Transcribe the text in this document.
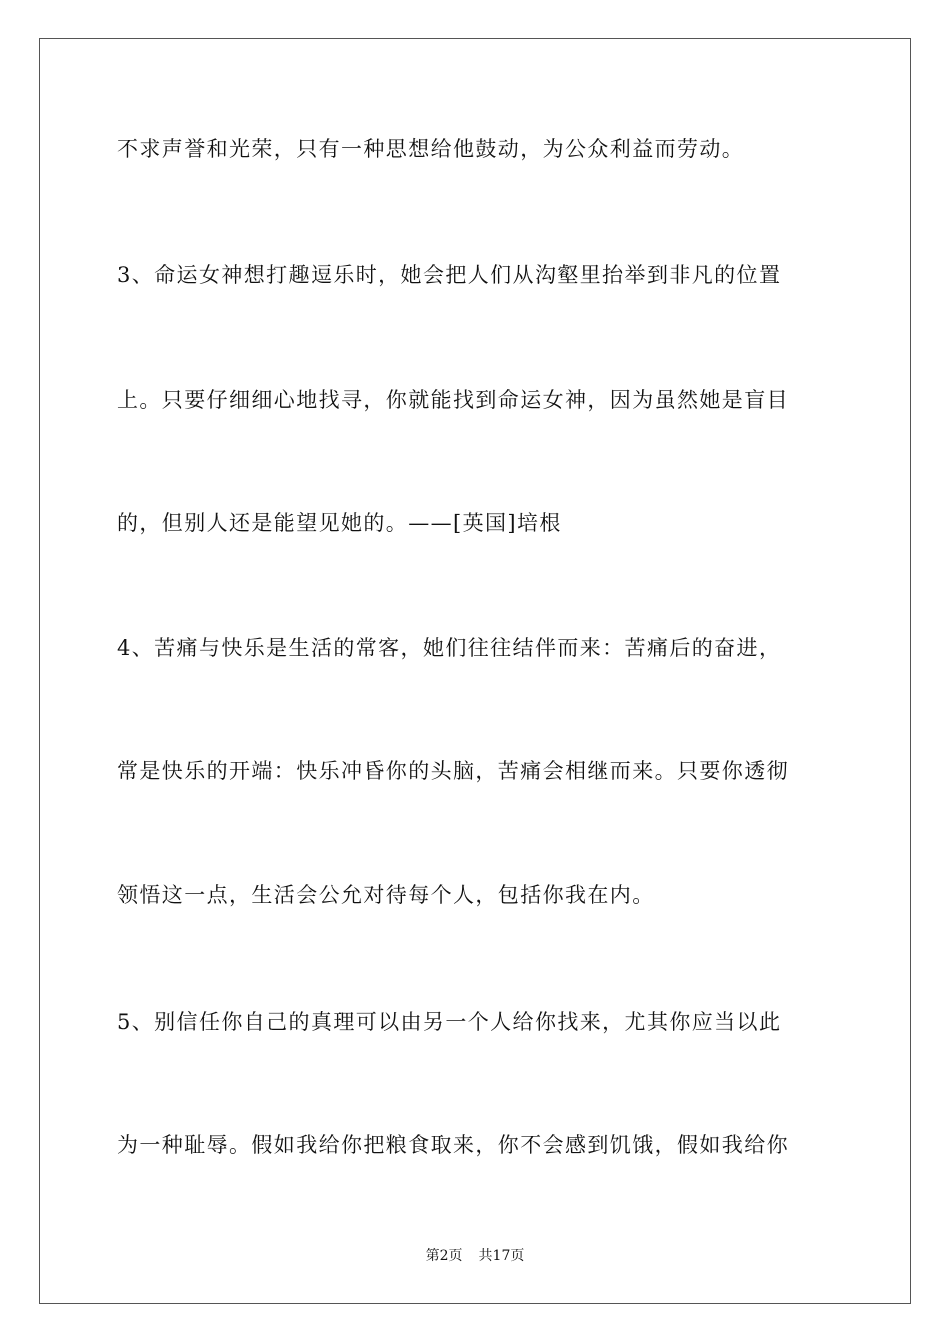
不求声誉和光荣，只有一种思想给他鼓动，为公众利益而劳动。
3、命运女神想打趣逗乐时，她会把人们从沟壑里抬举到非凡的位置
上。只要仔细细心地找寻，你就能找到命运女神，因为虽然她是盲目
的，但别人还是能望见她的。——[英国]培根
4、苦痛与快乐是生活的常客，她们往往结伴而来：苦痛后的奋进，
常是快乐的开端：快乐冲昏你的头脑，苦痛会相继而来。只要你透彻
领悟这一点，生活会公允对待每个人，包括你我在内。
5、别信任你自己的真理可以由另一个人给你找来，尤其你应当以此
为一种耻辱。假如我给你把粮食取来，你不会感到饥饿，假如我给你
第2页 共17页
